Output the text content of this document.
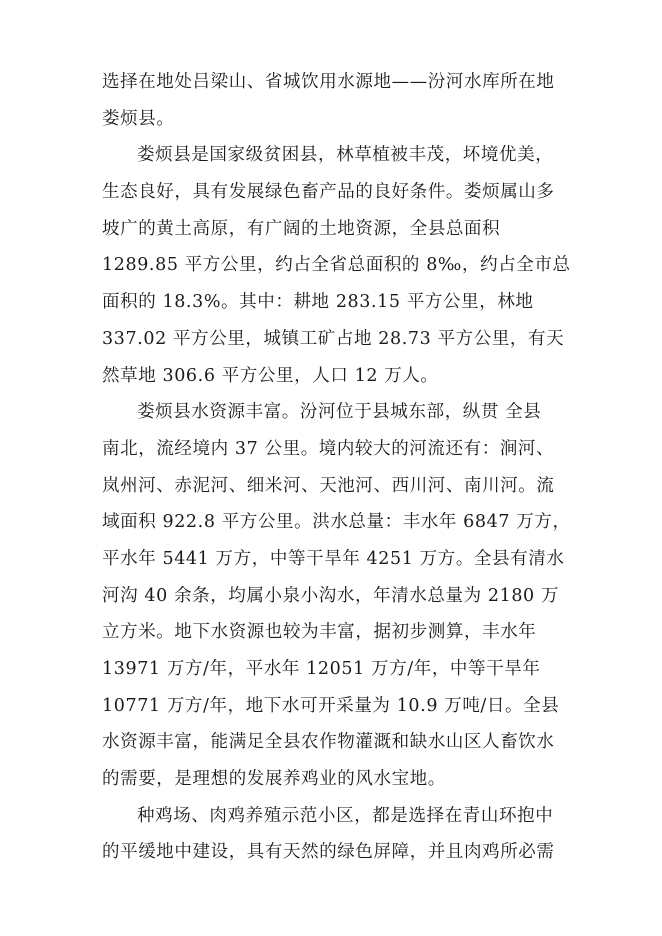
选择在地处吕梁山、省城饮用水源地——汾河水库所在地
娄烦县。
娄烦县是国家级贫困县，林草植被丰茂，坏境优美，
生态良好，具有发展绿色畜产品的良好条件。娄烦属山多
坡广的黄土高原，有广阔的土地资源，全县总面积
1289.85 平方公里，约占全省总面积的 8‰，约占全市总
面积的 18.3%。其中：耕地 283.15 平方公里，林地
337.02 平方公里，城镇工矿占地 28.73 平方公里，有天
然草地 306.6 平方公里，人口 12 万人。
娄烦县水资源丰富。汾河位于县城东部，纵贯 全县
南北，流经境内 37 公里。境内较大的河流还有：涧河、
岚州河、赤泥河、细米河、天池河、西川河、南川河。流
域面积 922.8 平方公里。洪水总量：丰水年 6847 万方，
平水年 5441 万方，中等干旱年 4251 万方。全县有清水
河沟 40 余条，均属小泉小沟水，年清水总量为 2180 万
立方米。地下水资源也较为丰富，据初步测算，丰水年
13971 万方/年，平水年 12051 万方/年，中等干旱年
10771 万方/年，地下水可开采量为 10.9 万吨/日。全县
水资源丰富，能满足全县农作物灌溉和缺水山区人畜饮水
的需要，是理想的发展养鸡业的风水宝地。
种鸡场、肉鸡养殖示范小区，都是选择在青山环抱中
的平缓地中建设，具有天然的绿色屏障，并且肉鸡所必需
